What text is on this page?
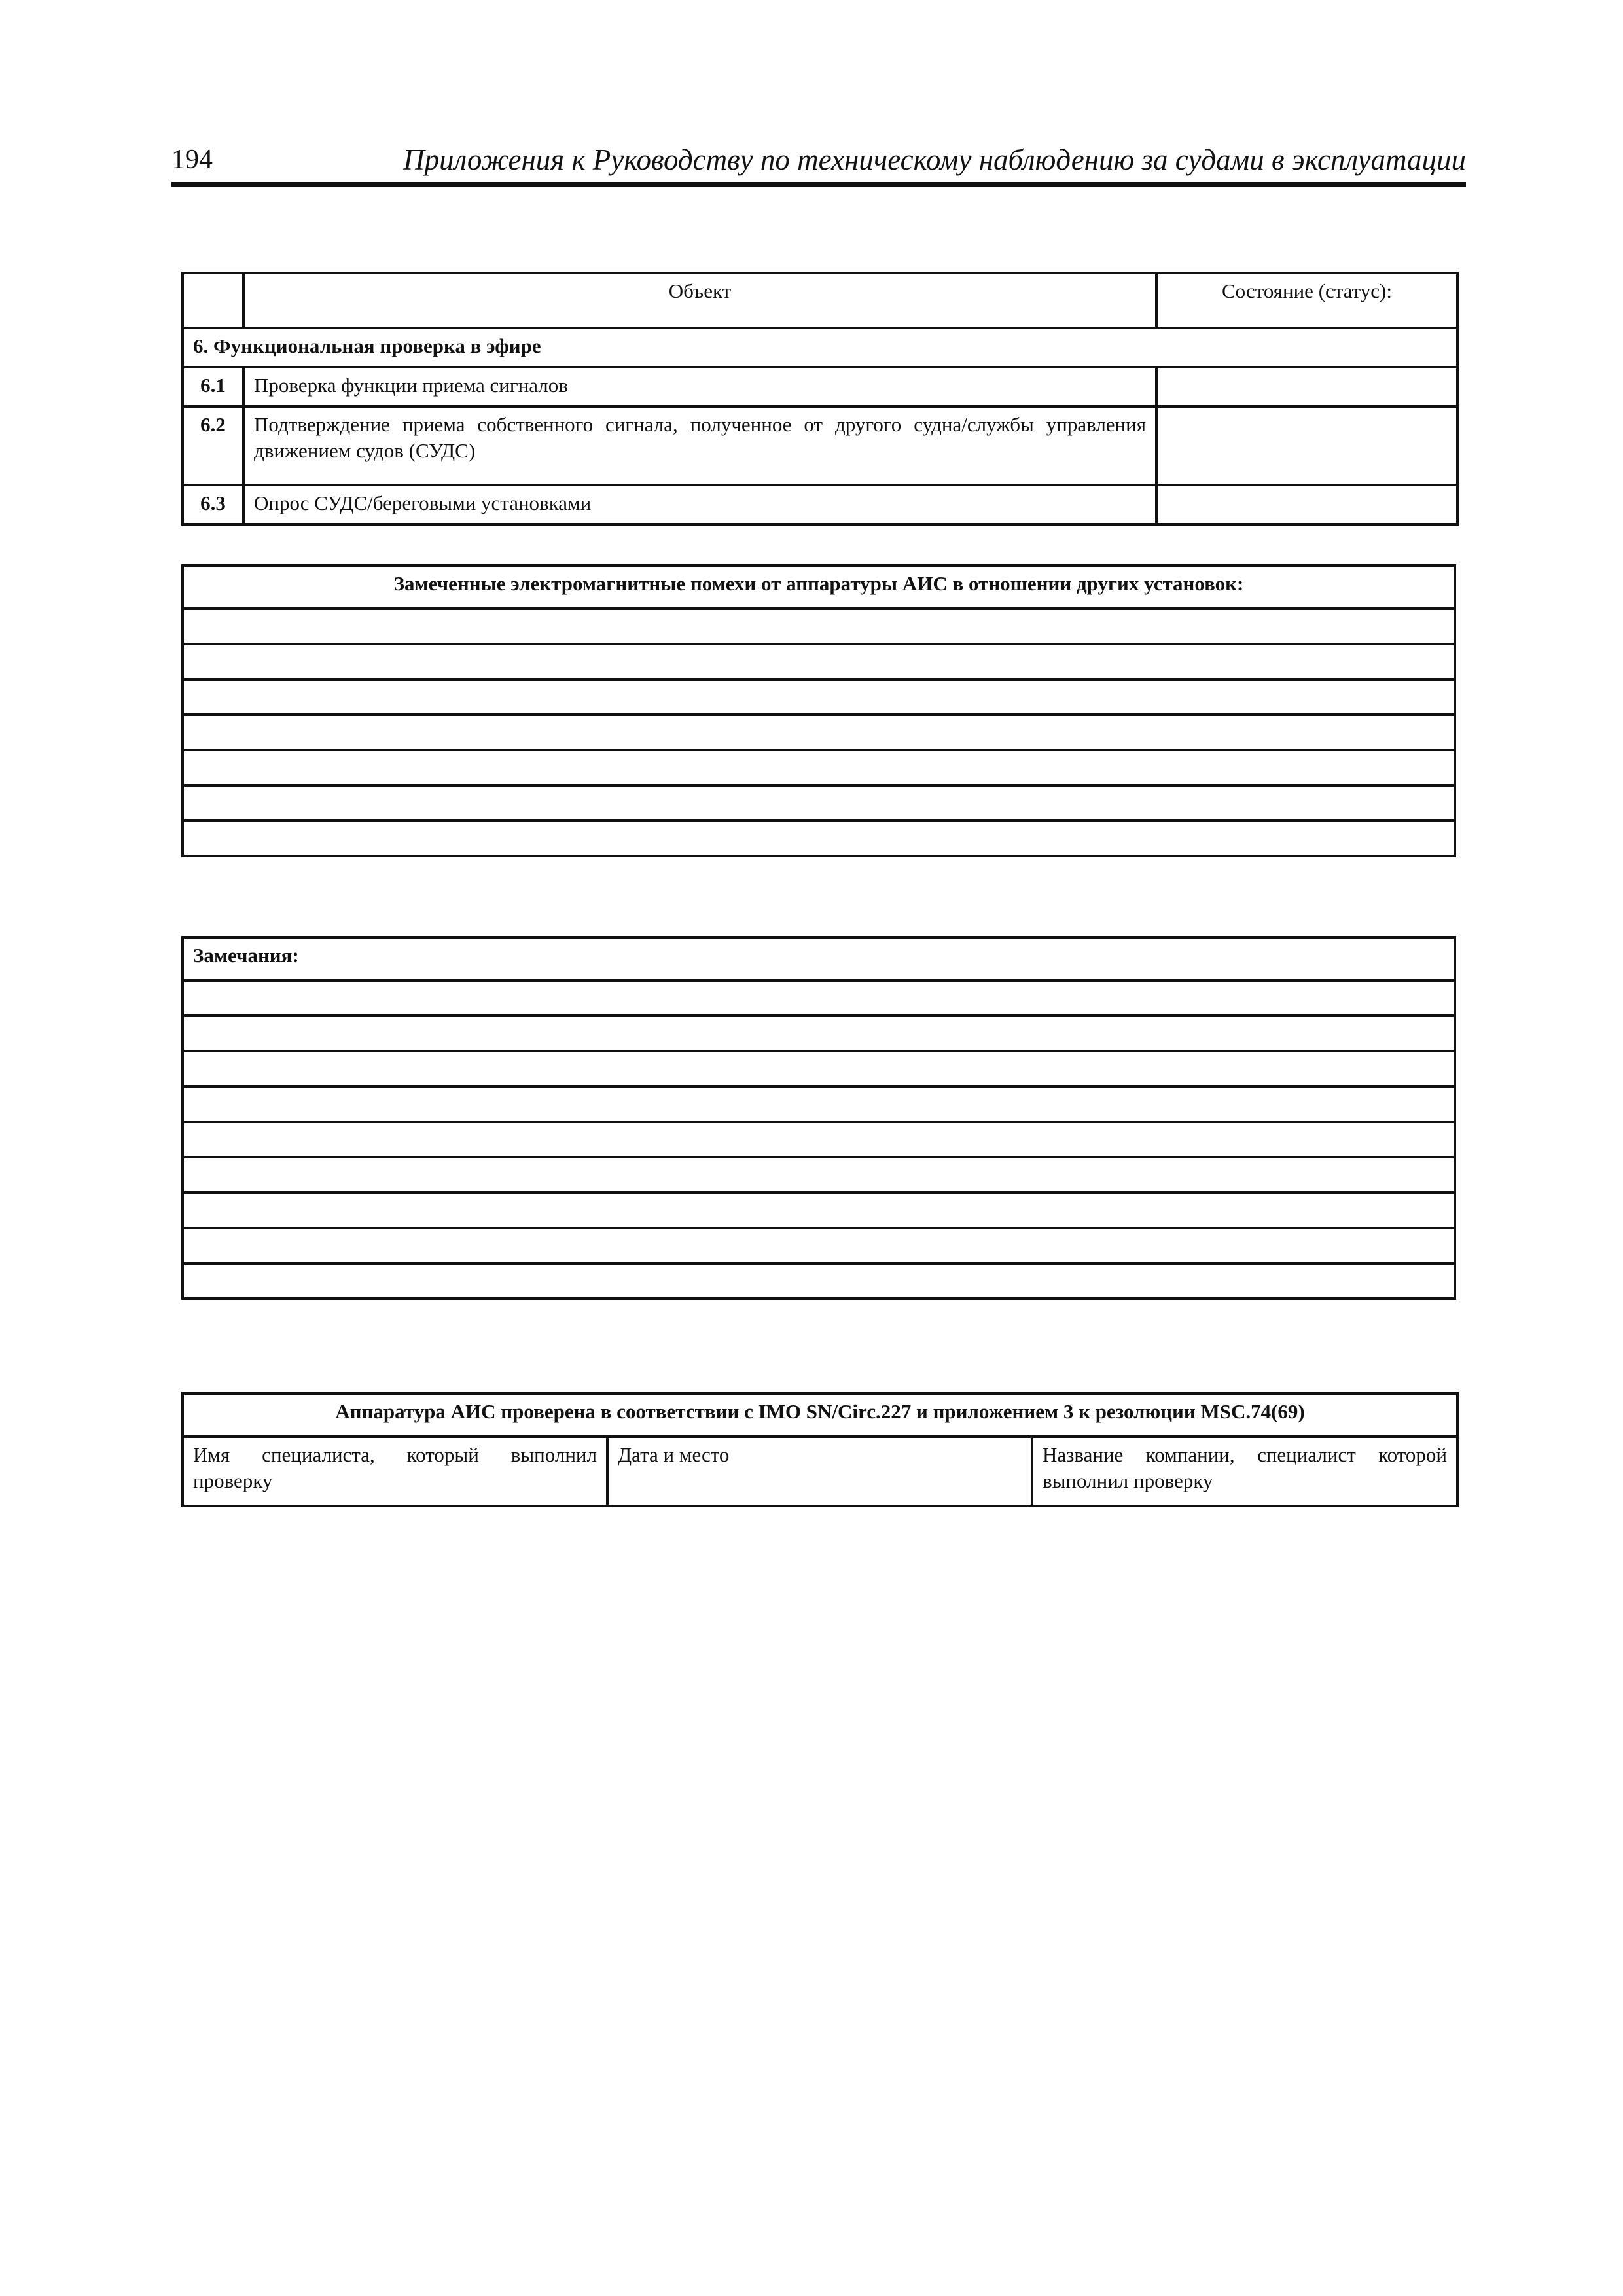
194	Приложения к Руководству по техническому наблюдению за судами в эксплуатации
	Объект	Состояние (статус):
6. Функциональная проверка в эфире		
6.1	Проверка функции приема сигналов	
6.2	Подтверждение приема собственного сигнала, полученное от другого судна/службы управления движением судов (СУДС)	
6.3	Опрос СУДС/береговыми установками	
Замеченные электромагнитные помехи от аппаратуры АИС в отношении других установок:

Замечания:

Аппаратура АИС проверена в соответствии с IMO SN/Circ.227 и приложением 3 к резолюции MSC.74(69)
Имя специалиста, который выполнил проверку	Дата и место	Название компании, специалист которой выполнил проверку
